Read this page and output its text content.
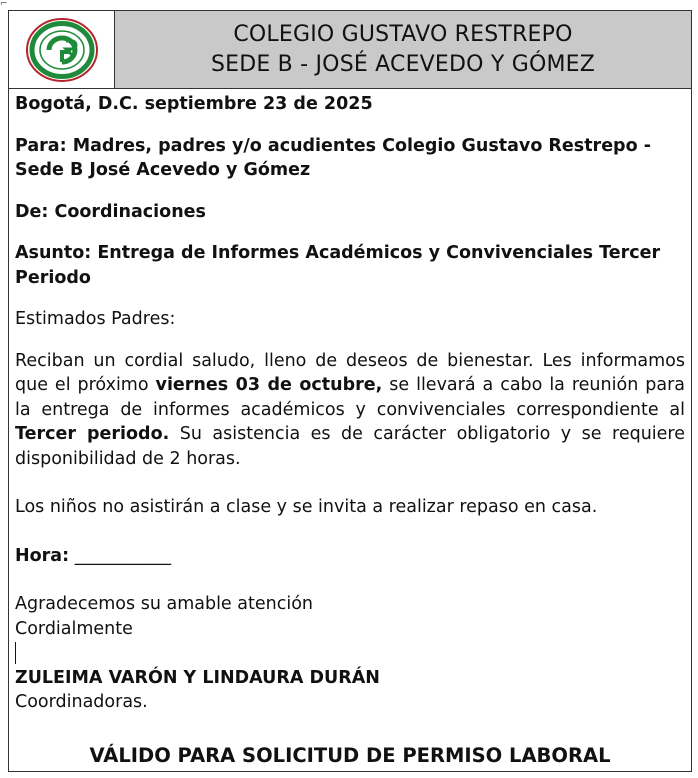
⌐
COLEGIO GUSTAVO RESTREPO
SEDE B - JOSÉ ACEVEDO Y GÓMEZ

Bogotá, D.C. septiembre 23 de 2025

Para: Madres, padres y/o acudientes Colegio Gustavo Restrepo - Sede B José Acevedo y Gómez

De: Coordinaciones

Asunto: Entrega de Informes Académicos y Convivenciales Tercer Periodo

Estimados Padres:

Reciban un cordial saludo, lleno de deseos de bienestar. Les informamos que el próximo viernes 03 de octubre, se llevará a cabo la reunión para la entrega de informes académicos y convivenciales correspondiente al Tercer periodo. Su asistencia es de carácter obligatorio y se requiere disponibilidad de 2 horas.

Los niños no asistirán a clase y se invita a realizar repaso en casa.

Hora: ___________

Agradecemos su amable atención

Cordialmente

ZULEIMA VARÓN Y LINDAURA DURÁN

Coordinadoras.

VÁLIDO PARA SOLICITUD DE PERMISO LABORAL
